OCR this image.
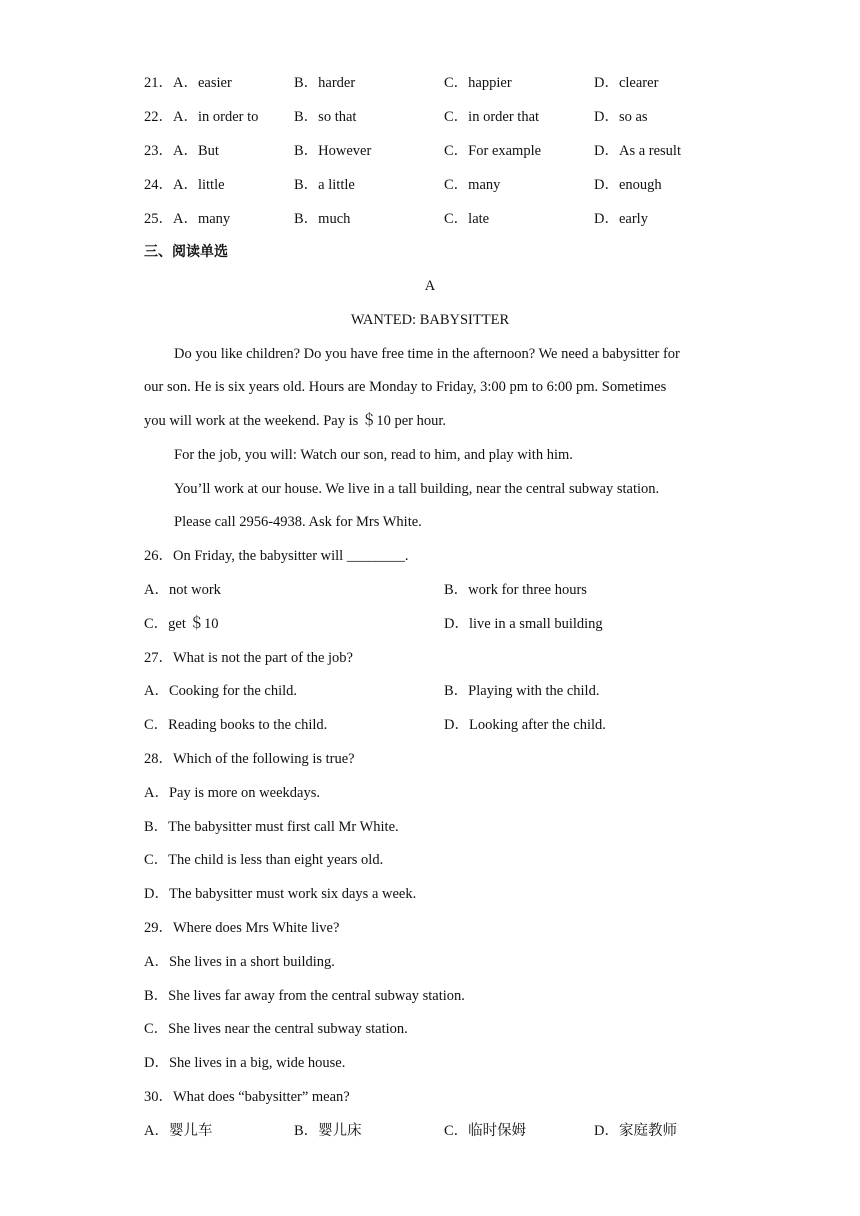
21．A．easier	B．harder	C．happier	D．clearer
22．A．in order to B．so that	C．in order that	D．so as
23．A．But	B．However	C．For example	D．As a result
24．A．little	B．a little	C．many	D．enough
25．A．many	B．much	C．late	D．early
三、阅读单选
A
WANTED: BABYSITTER
Do you like children? Do you have free time in the afternoon? We need a babysitter for
our son. He is six years old. Hours are Monday to Friday, 3:00 pm to 6:00 pm. Sometimes
you will work at the weekend. Pay is ＄10 per hour.
For the job, you will: Watch our son, read to him, and play with him.
You’ll work at our house. We live in a tall building, near the central subway station.
Please call 2956-4938. Ask for Mrs White.
26．On Friday, the babysitter will ________.
A．not work	B．work for three hours
C．get ＄10	D．live in a small building
27．What is not the part of the job?
A．Cooking for the child.	B．Playing with the child.
C．Reading books to the child.	D．Looking after the child.
28．Which of the following is true?
A．Pay is more on weekdays.
B．The babysitter must first call Mr White.
C．The child is less than eight years old.
D．The babysitter must work six days a week.
29．Where does Mrs White live?
A．She lives in a short building.
B．She lives far away from the central subway station.
C．She lives near the central subway station.
D．She lives in a big, wide house.
30．What does “babysitter” mean?
A．婴儿车	B．婴儿床	C．临时保姆	D．家庭教师
